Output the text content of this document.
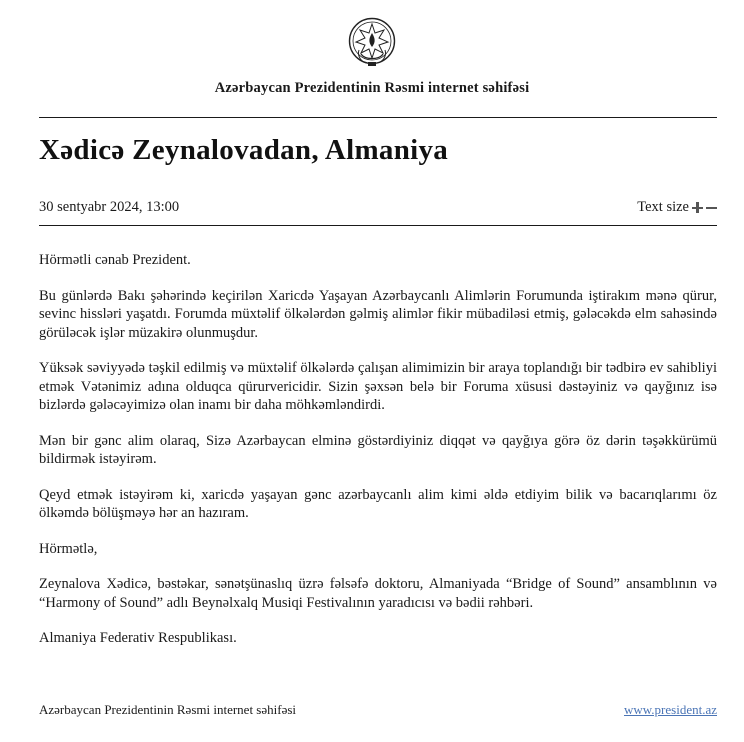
Azərbaycan Prezidentinin Rəsmi internet səhifəsi
Xədicə Zeynalovadan, Almaniya
30 sentyabr 2024, 13:00	Text size

Hörmətli cənab Prezident.

Bu günlərdə Bakı şəhərində keçirilən Xaricdə Yaşayan Azərbaycanlı Alimlərin Forumunda iştirakım mənə qürur, sevinc hissləri yaşatdı. Forumda müxtəlif ölkələrdən gəlmiş alimlər fikir mübadiləsi etmiş, gələcəkdə elm sahəsində görüləcək işlər müzakirə olunmuşdur.

Yüksək səviyyədə təşkil edilmiş və müxtəlif ölkələrdə çalışan alimimizin bir araya toplandığı bir tədbirə ev sahibliyi etmək Vətənimiz adına olduqca qürurvericidir. Sizin şəxsən belə bir Foruma xüsusi dəstəyiniz və qayğınız isə bizlərdə gələcəyimizə olan inamı bir daha möhkəmləndirdi.

Mən bir gənc alim olaraq, Sizə Azərbaycan elminə göstərdiyiniz diqqət və qayğıya görə öz dərin təşəkkürümü bildirmək istəyirəm.

Qeyd etmək istəyirəm ki, xaricdə yaşayan gənc azərbaycanlı alim kimi əldə etdiyim bilik və bacarıqlarımı öz ölkəmdə bölüşməyə hər an hazıram.

Hörmətlə,

Zeynalova Xədicə, bəstəkar, sənətşünaslıq üzrə fəlsəfə doktoru, Almaniyada “Bridge of Sound” ansamblının və “Harmony of Sound” adlı Beynəlxalq Musiqi Festivalının yaradıcısı və bədii rəhbəri.

Almaniya Federativ Respublikası.

Azərbaycan Prezidentinin Rəsmi internet səhifəsi	www.president.az
